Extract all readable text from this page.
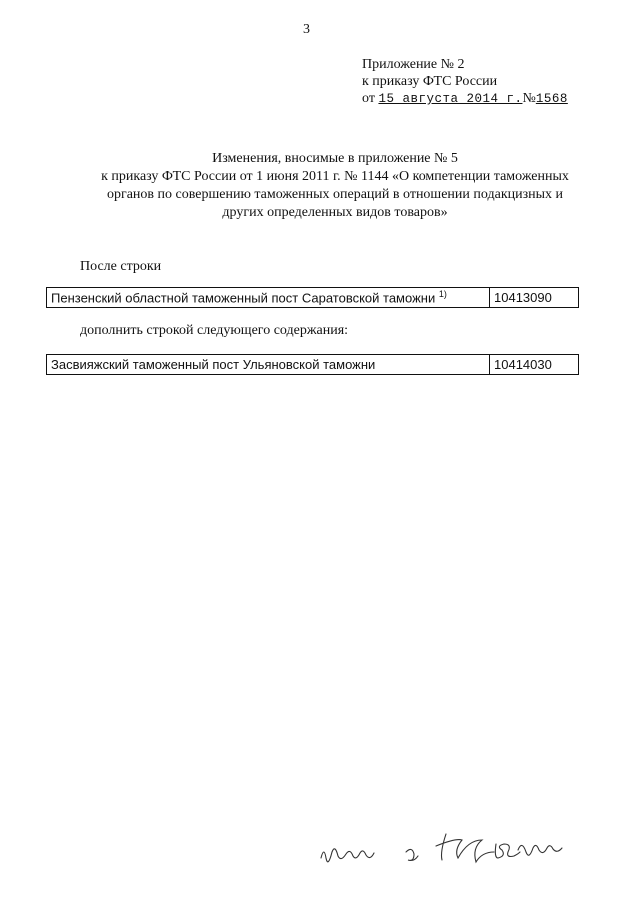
3
Приложение № 2
к приказу ФТС России
от 15 августа 2014 г.№1568
Изменения, вносимые в приложение № 5
к приказу ФТС России от 1 июня 2011 г. № 1144 «О компетенции таможенных
органов по совершению таможенных операций в отношении подакцизных и
других определенных видов товаров»
После строки
Пензенский областной таможенный пост Саратовской таможни $^{1)}$	10413090
дополнить строкой следующего содержания:
Засвияжский таможенный пост Ульяновской таможни	10414030
